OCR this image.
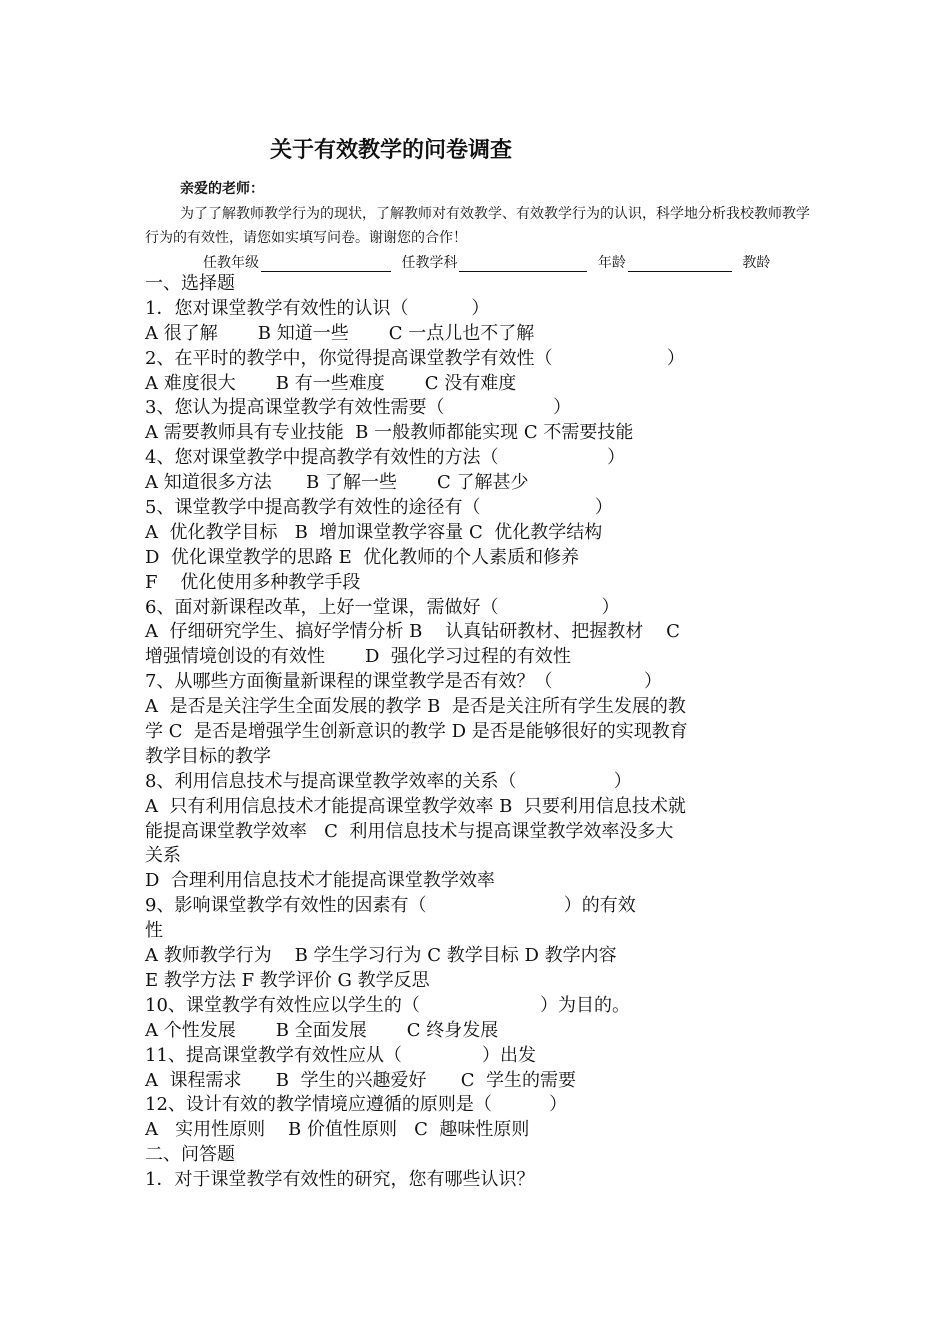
关于有效教学的问卷调查
亲爱的老师：
为了了解教师教学行为的现状，了解教师对有效教学、有效教学行为的认识，科学地分析我校教师教学行为的有效性，请您如实填写问卷。谢谢您的合作！
任教年级	任教学科	年龄	教龄
一、选择题
1．您对课堂教学有效性的认识（           ）
A 很了解       B 知道一些       C 一点儿也不了解
2、在平时的教学中，你觉得提高课堂教学有效性（                    ）
A 难度很大       B 有一些难度       C 没有难度
3、您认为提高课堂教学有效性需要（                   ）
A 需要教师具有专业技能  B 一般教师都能实现 C 不需要技能
4、您对课堂教学中提高教学有效性的方法（                   ）
A 知道很多方法      B 了解一些       C 了解甚少
5、课堂教学中提高教学有效性的途径有（                    ）
A  优化教学目标   B  增加课堂教学容量 C  优化教学结构
D  优化课堂教学的思路 E  优化教师的个人素质和修养
F    优化使用多种教学手段
6、面对新课程改革，上好一堂课，需做好（                  ）
A  仔细研究学生、搞好学情分析 B    认真钻研教材、把握教材    C
增强情境创设的有效性       D  强化学习过程的有效性
7、从哪些方面衡量新课程的课堂教学是否有效？（                ）
A  是否是关注学生全面发展的教学 B  是否是关注所有学生发展的教
学 C  是否是增强学生创新意识的教学 D 是否是能够很好的实现教育
教学目标的教学
8、利用信息技术与提高课堂教学效率的关系（                 ）
A  只有利用信息技术才能提高课堂教学效率 B  只要利用信息技术就
能提高课堂教学效率   C  利用信息技术与提高课堂教学效率没多大
关系
D  合理利用信息技术才能提高课堂教学效率
9、影响课堂教学有效性的因素有（                        ）的有效
性
A 教师教学行为    B 学生学习行为 C 教学目标 D 教学内容
E 教学方法 F 教学评价 G 教学反思
10、课堂教学有效性应以学生的（                     ）为目的。
A 个性发展       B 全面发展       C 终身发展
11、提高课堂教学有效性应从（              ）出发
A  课程需求      B  学生的兴趣爱好      C  学生的需要
12、设计有效的教学情境应遵循的原则是（          ）
A   实用性原则    B 价值性原则   C  趣味性原则
二、问答题
1．对于课堂教学有效性的研究，您有哪些认识？
